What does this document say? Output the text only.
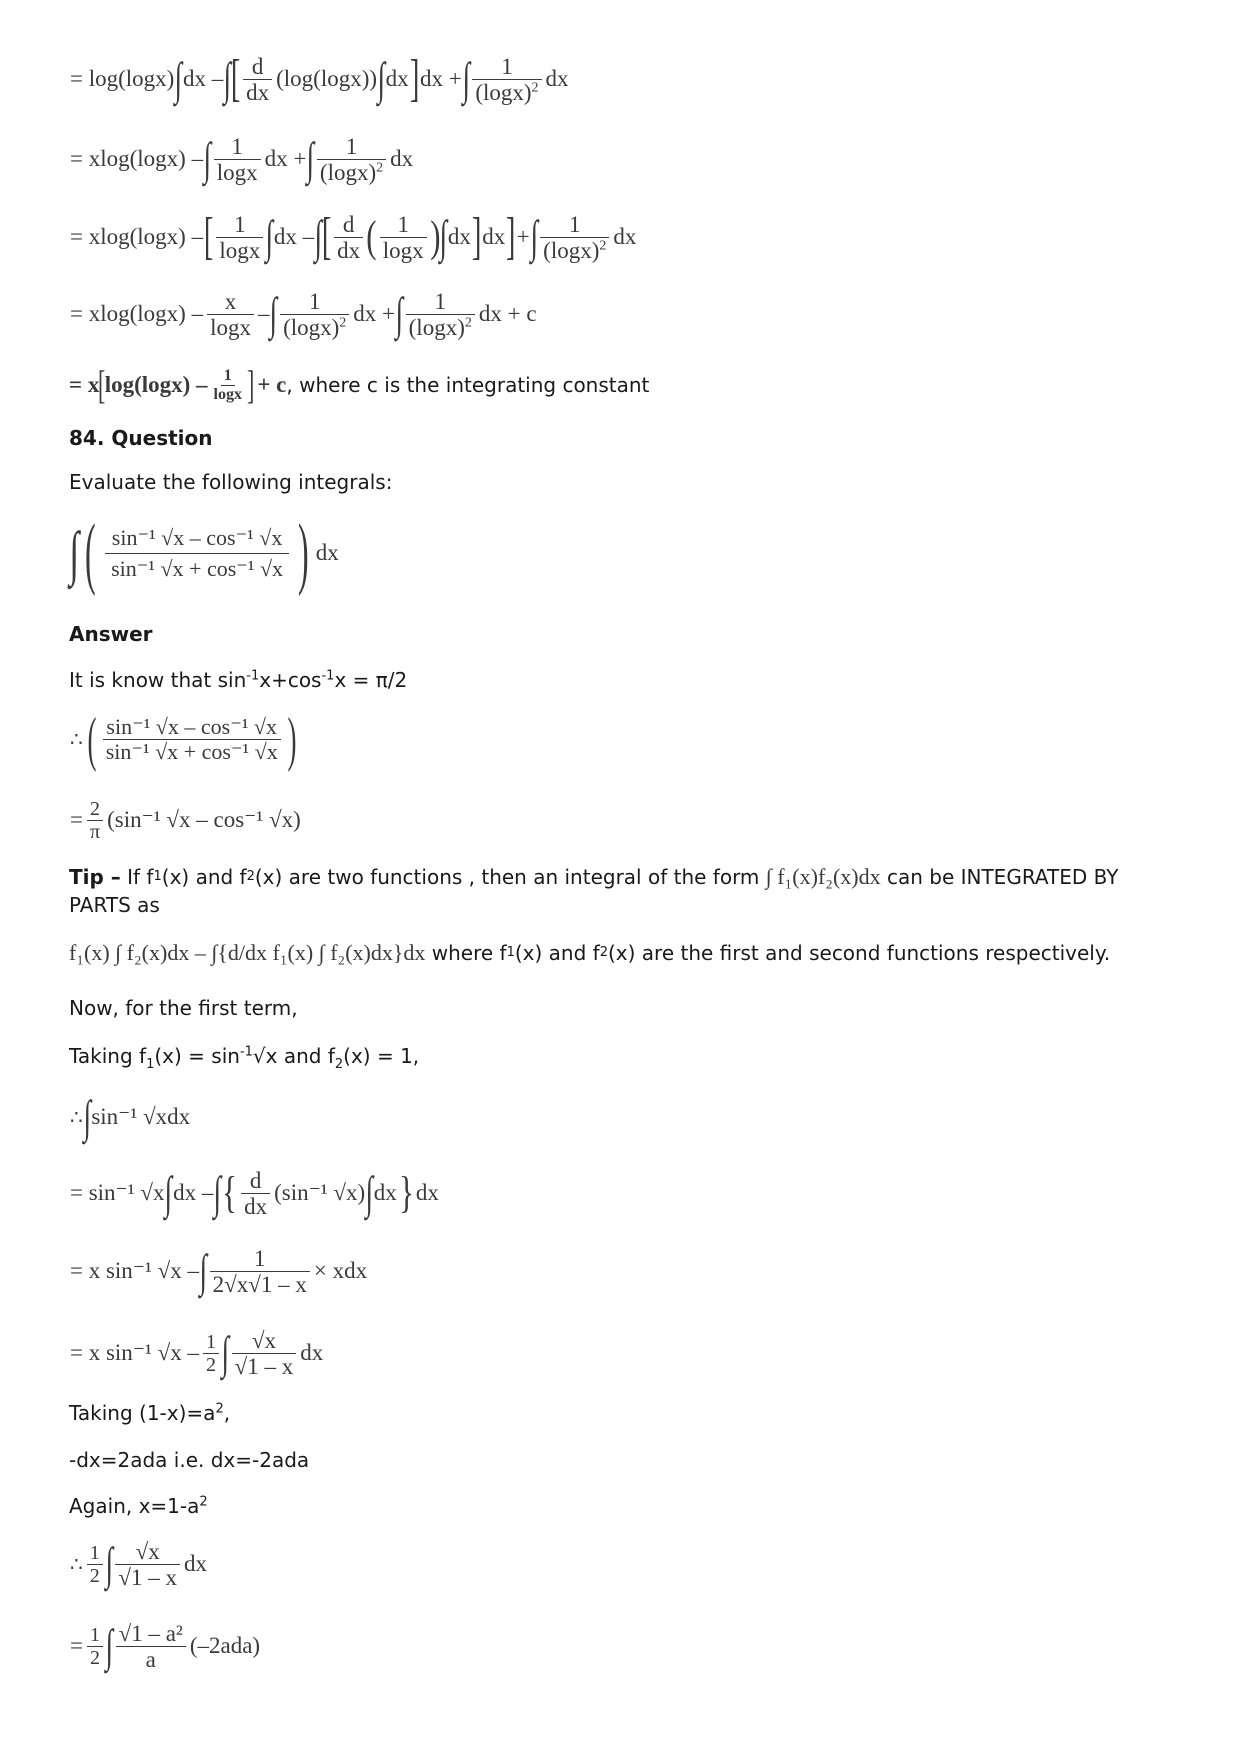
= log(logx) ∫ dx – ∫ [ $\frac{d}{dx} (\log(\log x))$ ∫ dx ] dx + ∫ $\frac{1}{(\log x)^2}$ dx
= xlog(logx) – ∫ $\frac{1}{\log x}$ dx + ∫ $\frac{1}{(\log x)^2}$ dx
= xlog(logx) – [ $\frac{1}{\log x}$ ∫ dx – ∫ [ $\frac{d}{dx}$ ( $\frac{1}{\log x}$ ) ∫ dx ] dx ] + ∫ $\frac{1}{(\log x)^2}$ dx
= $xlog(\log x) - \frac{x}{\log x}$ – ∫ $\frac{1}{(\log x)^2}$ dx + ∫ $\frac{1}{(\log x)^2}$ dx + c
= x
[
$\log(\log x) - \frac{1}{\log x}$ ] + c , where c is the integrating constant
84. Question
Evaluate the following integrals:
∫ ( $\frac{\text{sin⁻¹ √x – cos⁻¹ √x}}{\text{sin⁻¹ √x + cos⁻¹ √x}}$ ) dx
Answer
It is know that $\sin^{-1}x+\cos^{-1}x = \pi/2$
∴ ( $\frac{\text{sin⁻¹ √x – cos⁻¹ √x}}{\text{sin⁻¹ √x + cos⁻¹ √x}}$ )
= $\frac{2}{\pi} (\sin^{-1}$ √x – cos⁻¹ √x)
Tip – If f 1 (x) and f 2 (x) are two functions , then an integral of the form ∫ f₁(x)f₂(x)dx can be INTEGRATED BY
PARTS as
f₁(x) ∫ f₂(x)dx – ∫{d/dx f₁(x) ∫ f₂(x)dx}dx where f 1 (x) and f 2 (x) are the first and second functions respectively.
Now, for the first term,
Taking $f_1(x) = \sin^{-1}√x$ and $f_2(x) = 1$,
∴ ∫ sin⁻¹ √xdx
= sin⁻¹ √x ∫ dx – ∫ { $\frac{d}{dx} (\sin^{-1}$ √x) ∫ dx } dx
= x sin⁻¹ √x – ∫ $\frac{1}{2√x√1 - x}$ × xdx
= x sin⁻¹ $√x - \frac{1}{2}$ ∫ $\frac{√x}{√1 - x}$ dx
Taking $(1-x)=a^2$,
-dx=2ada i.e. dx=-2ada
Again, $x=1-a^2$
∴ $\frac{1}{2}$ ∫ $\frac{√x}{√1 - x}$ dx
= $\frac{1}{2}$ ∫ $\frac{\text{√1 – a²}}{a} (-2ada)$
